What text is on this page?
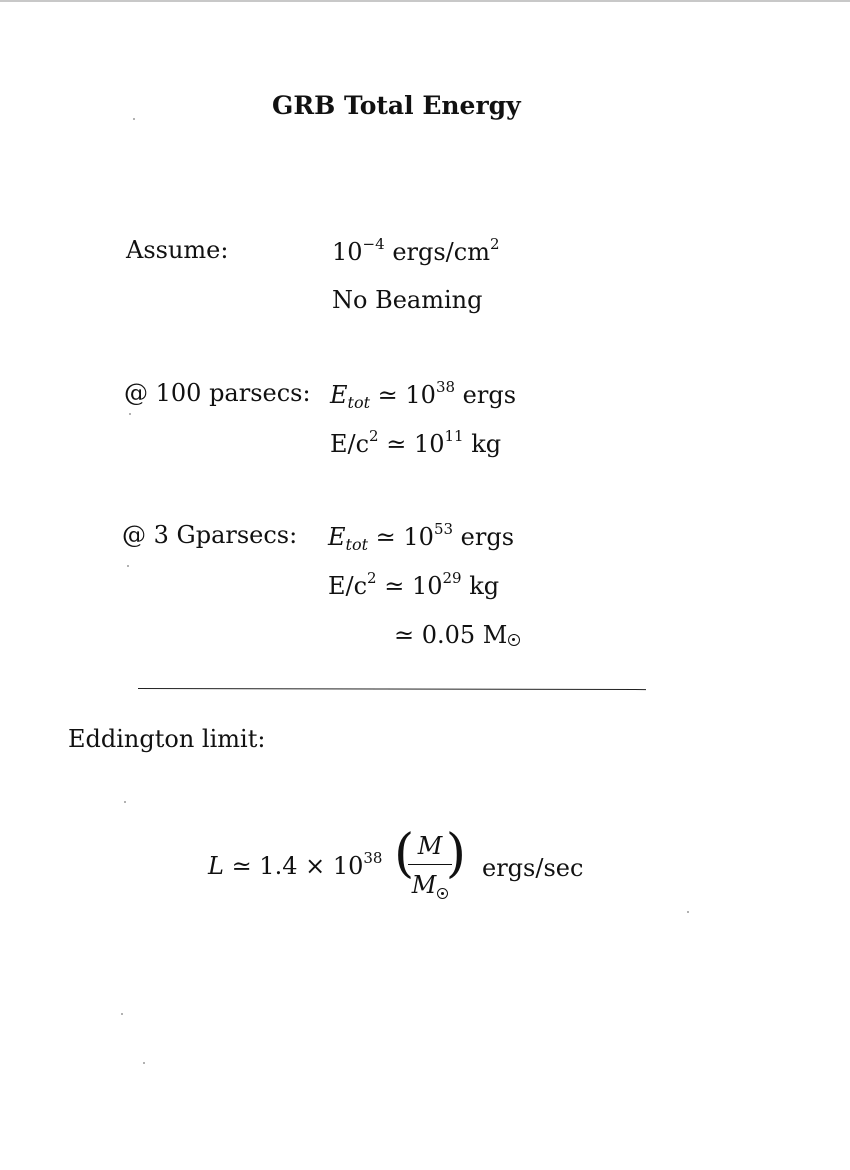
GRB Total Energy
Assume:	$10^{-4}$ ergs/$cm^2$
No Beaming
@ 100 parsecs: $E_{tot}$ ≃ $10^{38}$ ergs
$E/c^2$ ≃ $10^{11}$ kg
@ 3 Gparsecs: $E_{tot}$ ≃ $10^{53}$ ergs
$E/c^2$ ≃ $10^{29}$ kg
≃ 0.05 M
Eddington limit:
L ≃ $1.4 \times 10^{38}$ ( )
M
M
ergs/sec
